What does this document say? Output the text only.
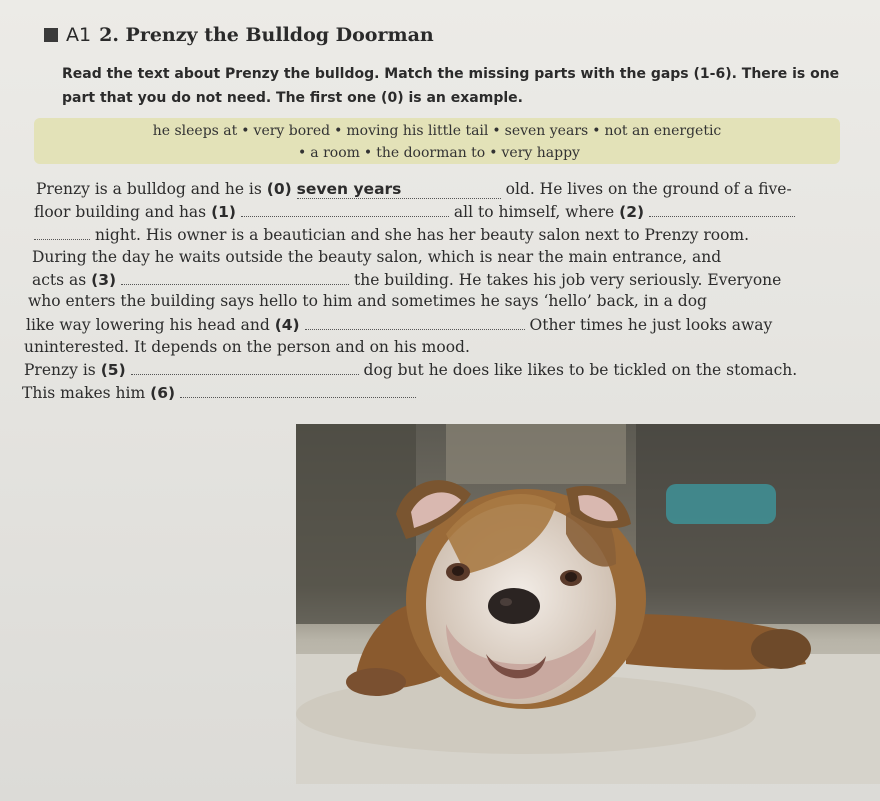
A1 2. Prenzy the Bulldog Doorman
Read the text about Prenzy the bulldog. Match the missing parts with the gaps (1-6). There is one part that you do not need. The first one (0) is an example.
he sleeps at • very bored • moving his little tail • seven years • not an energetic
• a room • the doorman to • very happy
Prenzy is a bulldog and he is (0) seven years	old. He lives on the ground of a five-
floor building and has (1)	all to himself, where (2)
night. His owner is a beautician and she has her beauty salon next to Prenzy room.
During the day he waits outside the beauty salon, which is near the main entrance, and
acts as (3)	the building. He takes his job very seriously. Everyone
who enters the building says hello to him and sometimes he says ‘hello’ back, in a dog
like way lowering his head and (4)	Other times he just looks away
uninterested. It depends on the person and on his mood.
Prenzy is (5)	dog but he does like likes to be tickled on the stomach.
This makes him (6)
